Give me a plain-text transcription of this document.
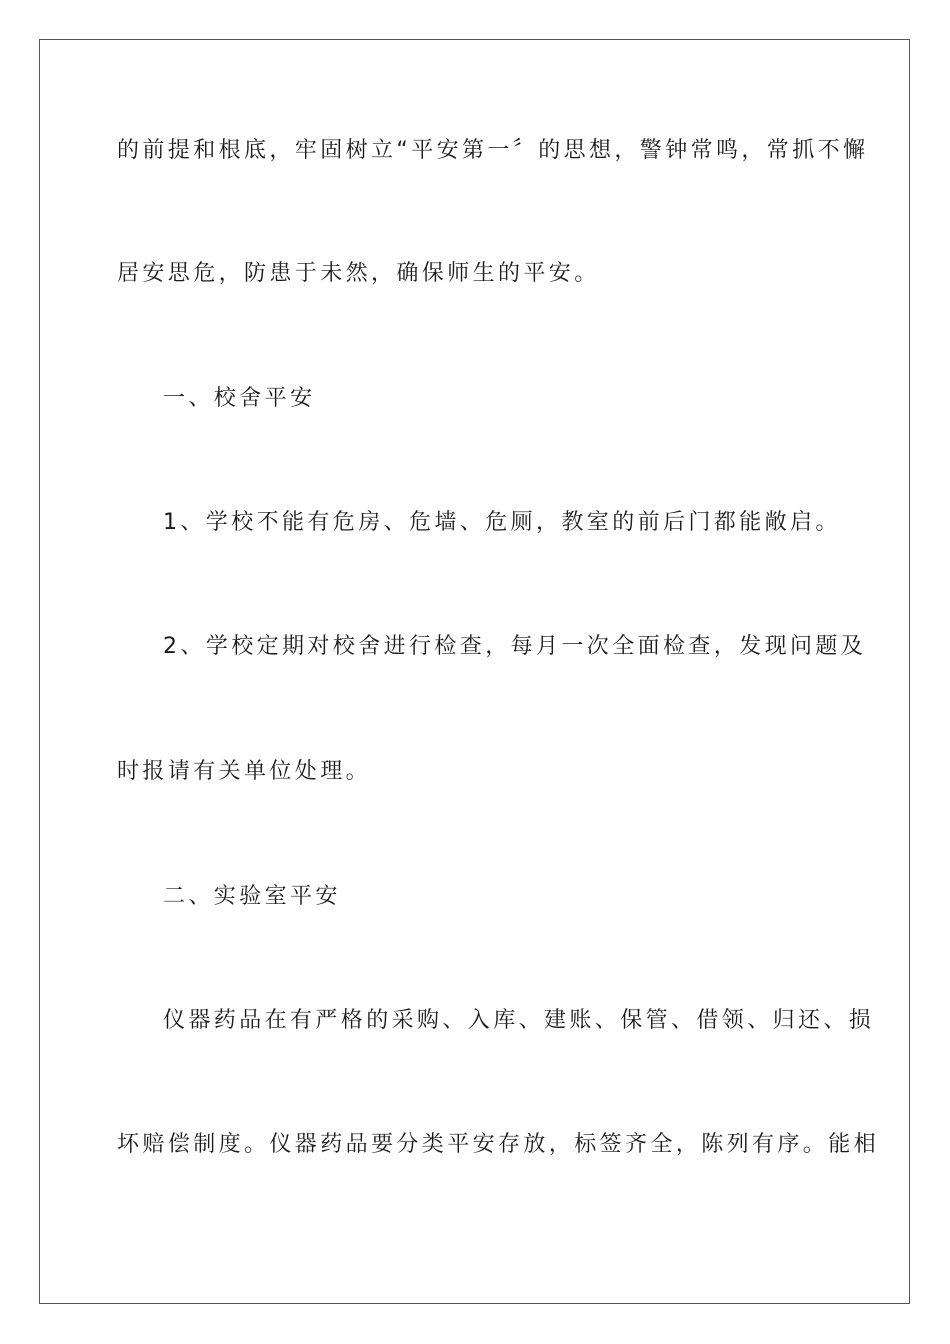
的前提和根底，牢固树立“平安第一〞的思想，警钟常鸣，常抓不懈
居安思危，防患于未然，确保师生的平安。
一、校舍平安
1、学校不能有危房、危墙、危厕，教室的前后门都能敞启。
2、学校定期对校舍进行检查，每月一次全面检查，发现问题及
时报请有关单位处理。
二、实验室平安
仪器药品在有严格的采购、入库、建账、保管、借领、归还、损
坏赔偿制度。仪器药品要分类平安存放，标签齐全，陈列有序。能相
